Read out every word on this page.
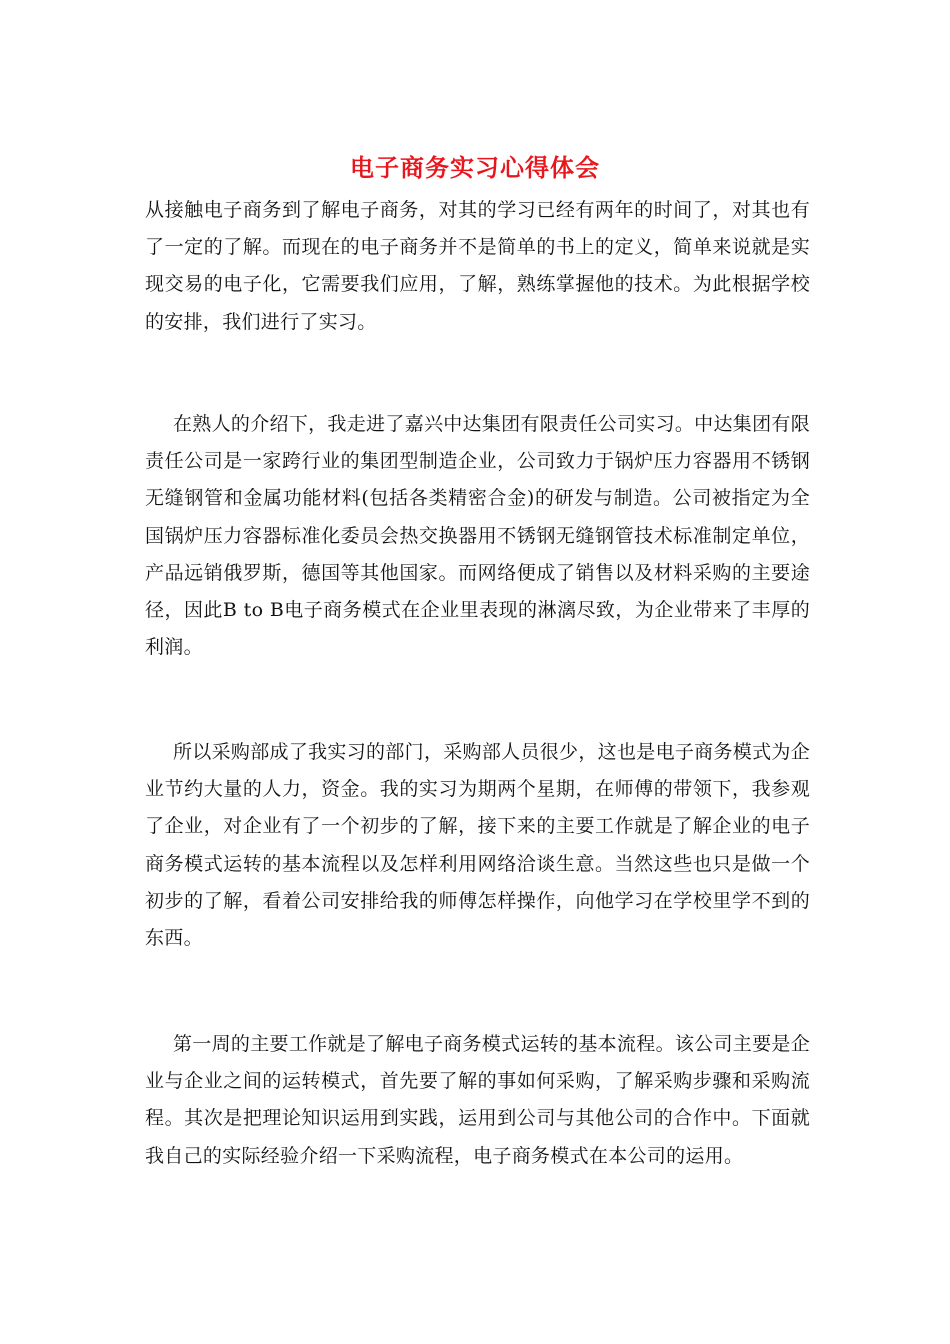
电子商务实习心得体会

从接触电子商务到了解电子商务，对其的学习已经有两年的时间了，对其也有了一定的了解。而现在的电子商务并不是简单的书上的定义，简单来说就是实现交易的电子化，它需要我们应用，了解，熟练掌握他的技术。为此根据学校的安排，我们进行了实习。

在熟人的介绍下，我走进了嘉兴中达集团有限责任公司实习。中达集团有限责任公司是一家跨行业的集团型制造企业，公司致力于锅炉压力容器用不锈钢无缝钢管和金属功能材料(包括各类精密合金)的研发与制造。公司被指定为全国锅炉压力容器标准化委员会热交换器用不锈钢无缝钢管技术标准制定单位，产品远销俄罗斯，德国等其他国家。而网络便成了销售以及材料采购的主要途径，因此B to B电子商务模式在企业里表现的淋漓尽致，为企业带来了丰厚的利润。

所以采购部成了我实习的部门，采购部人员很少，这也是电子商务模式为企业节约大量的人力，资金。我的实习为期两个星期，在师傅的带领下，我参观了企业，对企业有了一个初步的了解，接下来的主要工作就是了解企业的电子商务模式运转的基本流程以及怎样利用网络洽谈生意。当然这些也只是做一个初步的了解，看着公司安排给我的师傅怎样操作，向他学习在学校里学不到的东西。

第一周的主要工作就是了解电子商务模式运转的基本流程。该公司主要是企业与企业之间的运转模式，首先要了解的事如何采购，了解采购步骤和采购流程。其次是把理论知识运用到实践，运用到公司与其他公司的合作中。下面就我自己的实际经验介绍一下采购流程，电子商务模式在本公司的运用。
